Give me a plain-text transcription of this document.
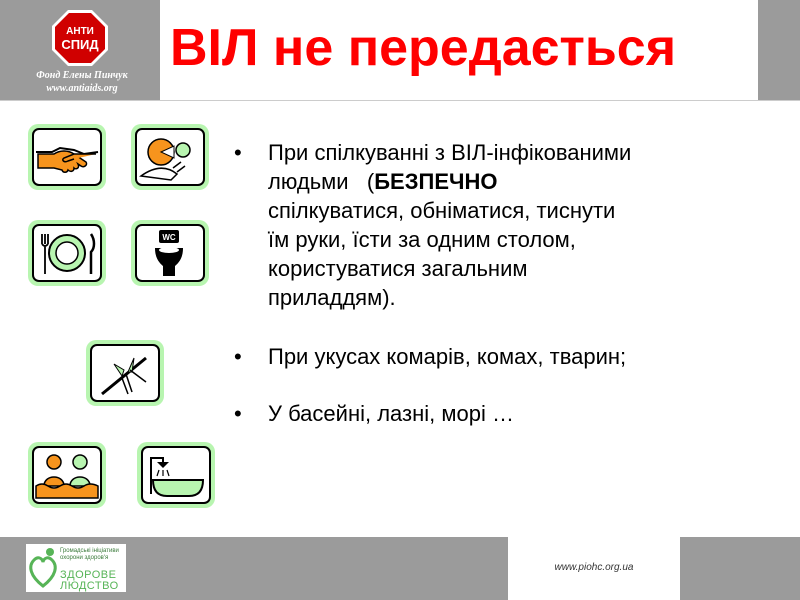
АНТИ
СПИД
Фонд Елены Пинчук
www.antiaids.org
ВІЛ не передається
WC
• При спілкуванні з ВІЛ-інфікованими
людьми   (БЕЗПЕЧНО
спілкуватися, обніматися, тиснути
їм руки, їсти за одним столом,
користуватися загальним
приладдям).
• При укусах комарів, комах, тварин;
• У басейні, лазні, морі …
Громадські ініціативи
охорони здоров'я
ЗДОРОВЕ
ЛЮДСТВО
www.piohc.org.ua
